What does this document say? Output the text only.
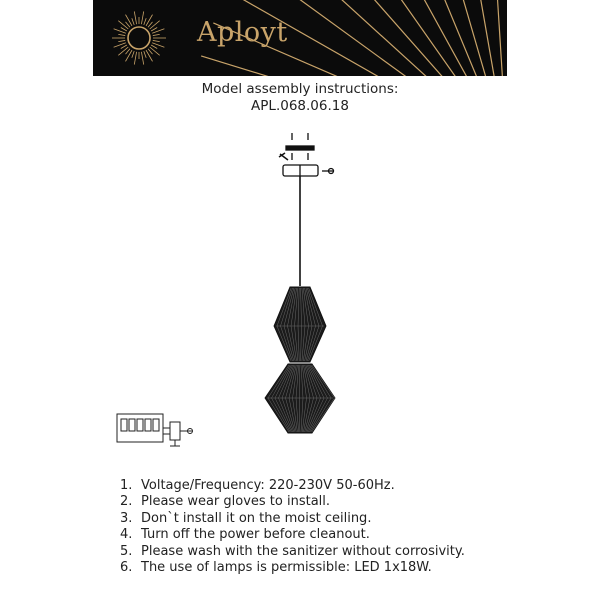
Aployt
Model assembly instructions:
APL.068.06.18
1. Voltage/Frequency: 220-230V 50-60Hz.
2. Please wear gloves to install.
3. Don`t install it on the moist ceiling.
4. Turn off the power before cleanout.
5. Please wash with the sanitizer without corrosivity.
6. The use of lamps is permissible: LED 1x18W.
